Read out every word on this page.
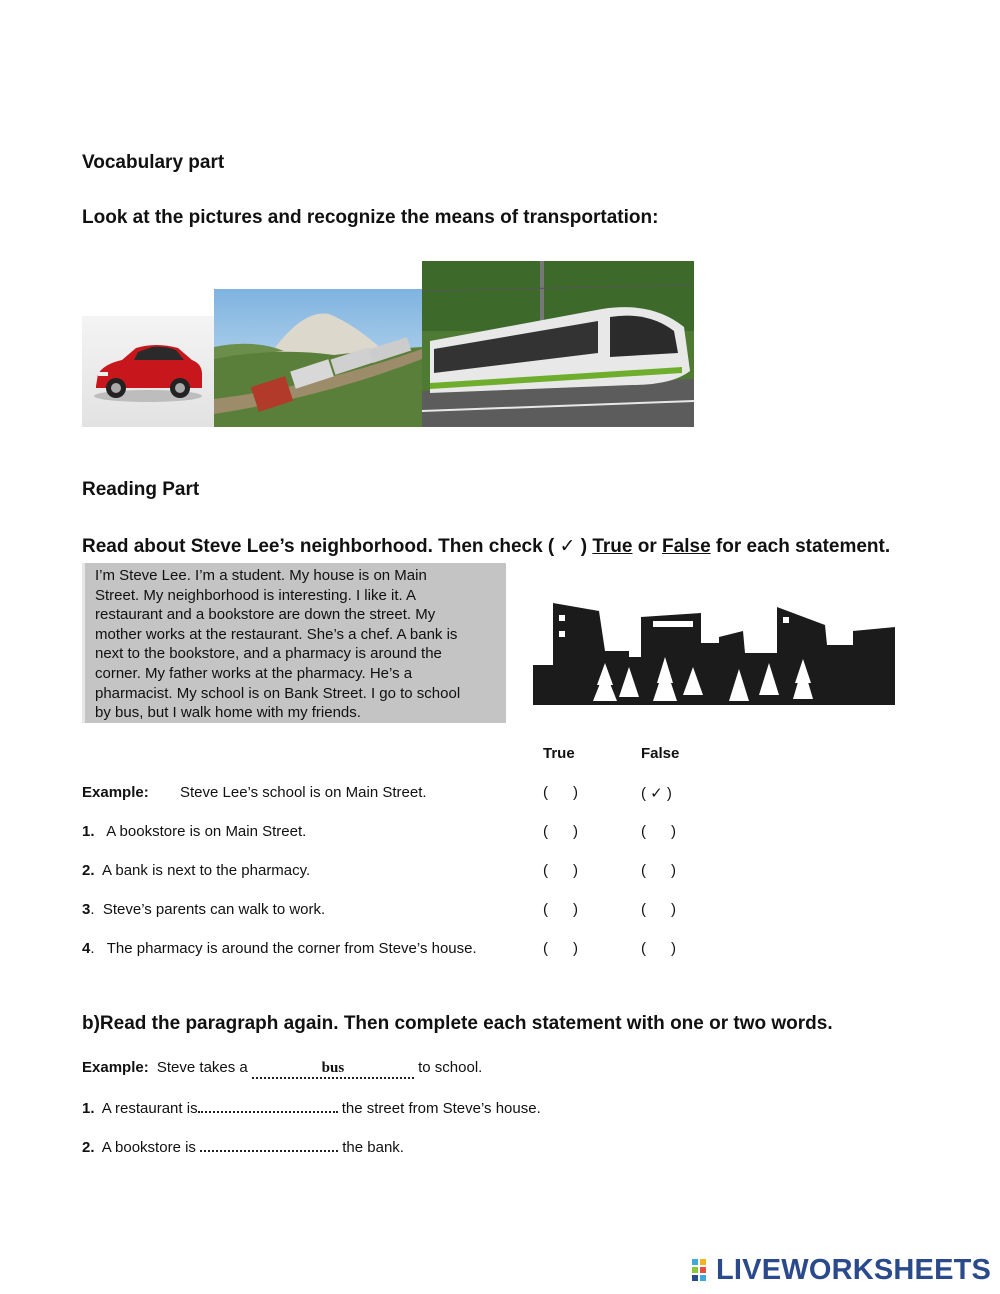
Vocabulary part
Look at the pictures and recognize the means of transportation:
Reading Part
Read about Steve Lee’s neighborhood. Then check ( ✓ ) True or False for each statement.
I’m Steve Lee. I’m a student. My house is on Main
Street. My neighborhood is interesting. I like it. A
restaurant and a bookstore are down the street. My
mother works at the restaurant. She’s a chef. A bank is
next to the bookstore, and a pharmacy is around the
corner. My father works at the pharmacy. He’s a
pharmacist. My school is on Bank Street. I go to school
by bus, but I walk home with my friends.
True	False
Example: Steve Lee’s school is on Main Street.	(      )	( ✓ )
1. A bookstore is on Main Street.	(      )	(      )
2. A bank is next to the pharmacy.	(      )	(      )
3.  Steve’s parents can walk to work.	(      )	(      )
4.   The pharmacy is around the corner from Steve’s house.	(      )	(      )
b)Read the paragraph again. Then complete each statement with one or two words.
Example: Steve takes a	bus	to school.
1. A restaurant is	the street from Steve’s house.
2. A bookstore is	the bank.
LIVEWORKSHEETS
